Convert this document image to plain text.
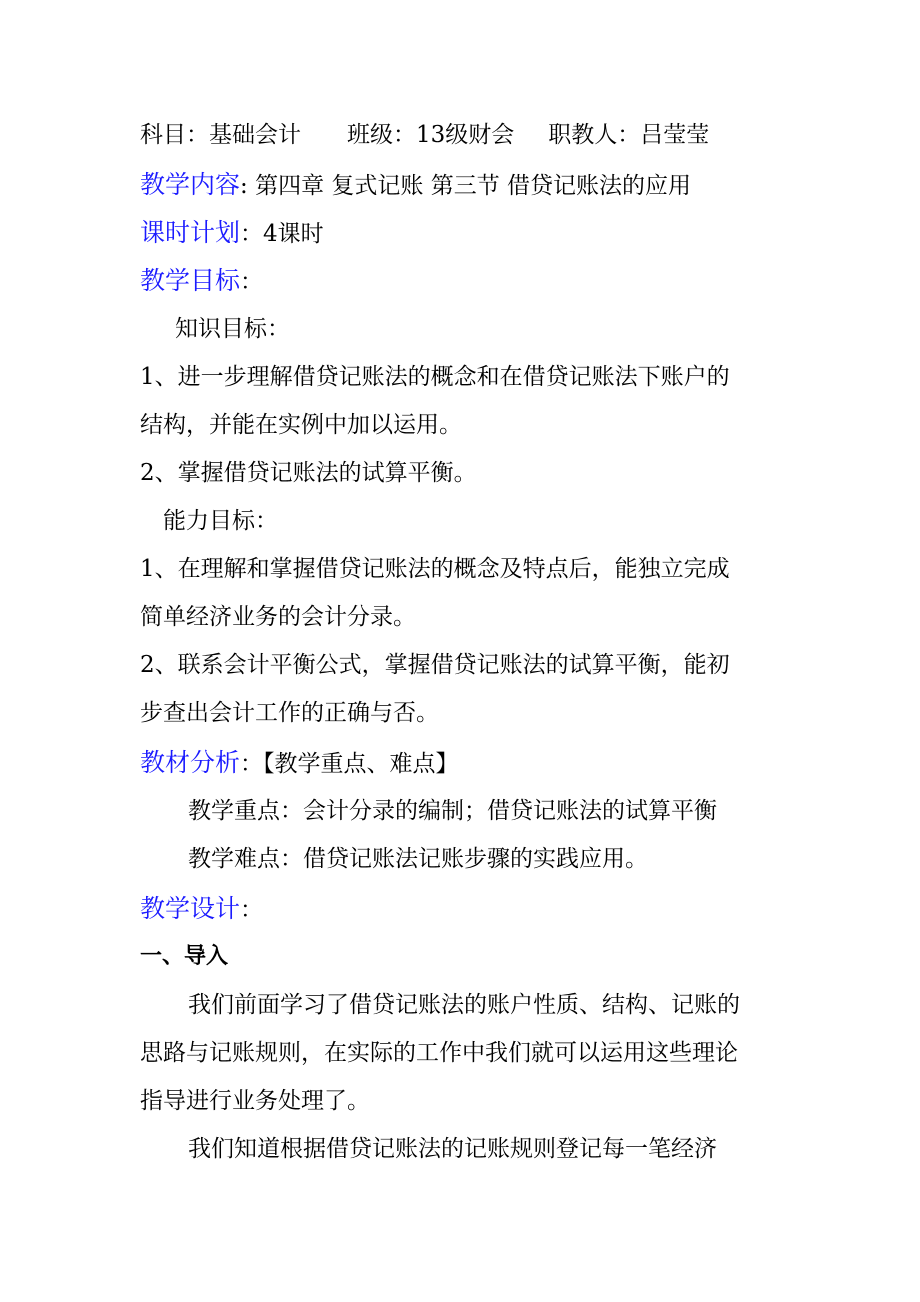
科目：基础会计 班级：13级财会 职教人：吕莹莹
教学内容: 第四章 复式记账 第三节 借贷记账法的应用
课时计划：4课时
教学目标：
知识目标：
1、进一步理解借贷记账法的概念和在借贷记账法下账户的
结构，并能在实例中加以运用。
2、掌握借贷记账法的试算平衡。
能力目标：
1、在理解和掌握借贷记账法的概念及特点后，能独立完成
简单经济业务的会计分录。
2、联系会计平衡公式，掌握借贷记账法的试算平衡，能初
步查出会计工作的正确与否。
教材分析：【教学重点、难点】
教学重点：会计分录的编制；借贷记账法的试算平衡
教学难点：借贷记账法记账步骤的实践应用。
教学设计：
一、导入
我们前面学习了借贷记账法的账户性质、结构、记账的
思路与记账规则，在实际的工作中我们就可以运用这些理论
指导进行业务处理了。
我们知道根据借贷记账法的记账规则登记每一笔经济
